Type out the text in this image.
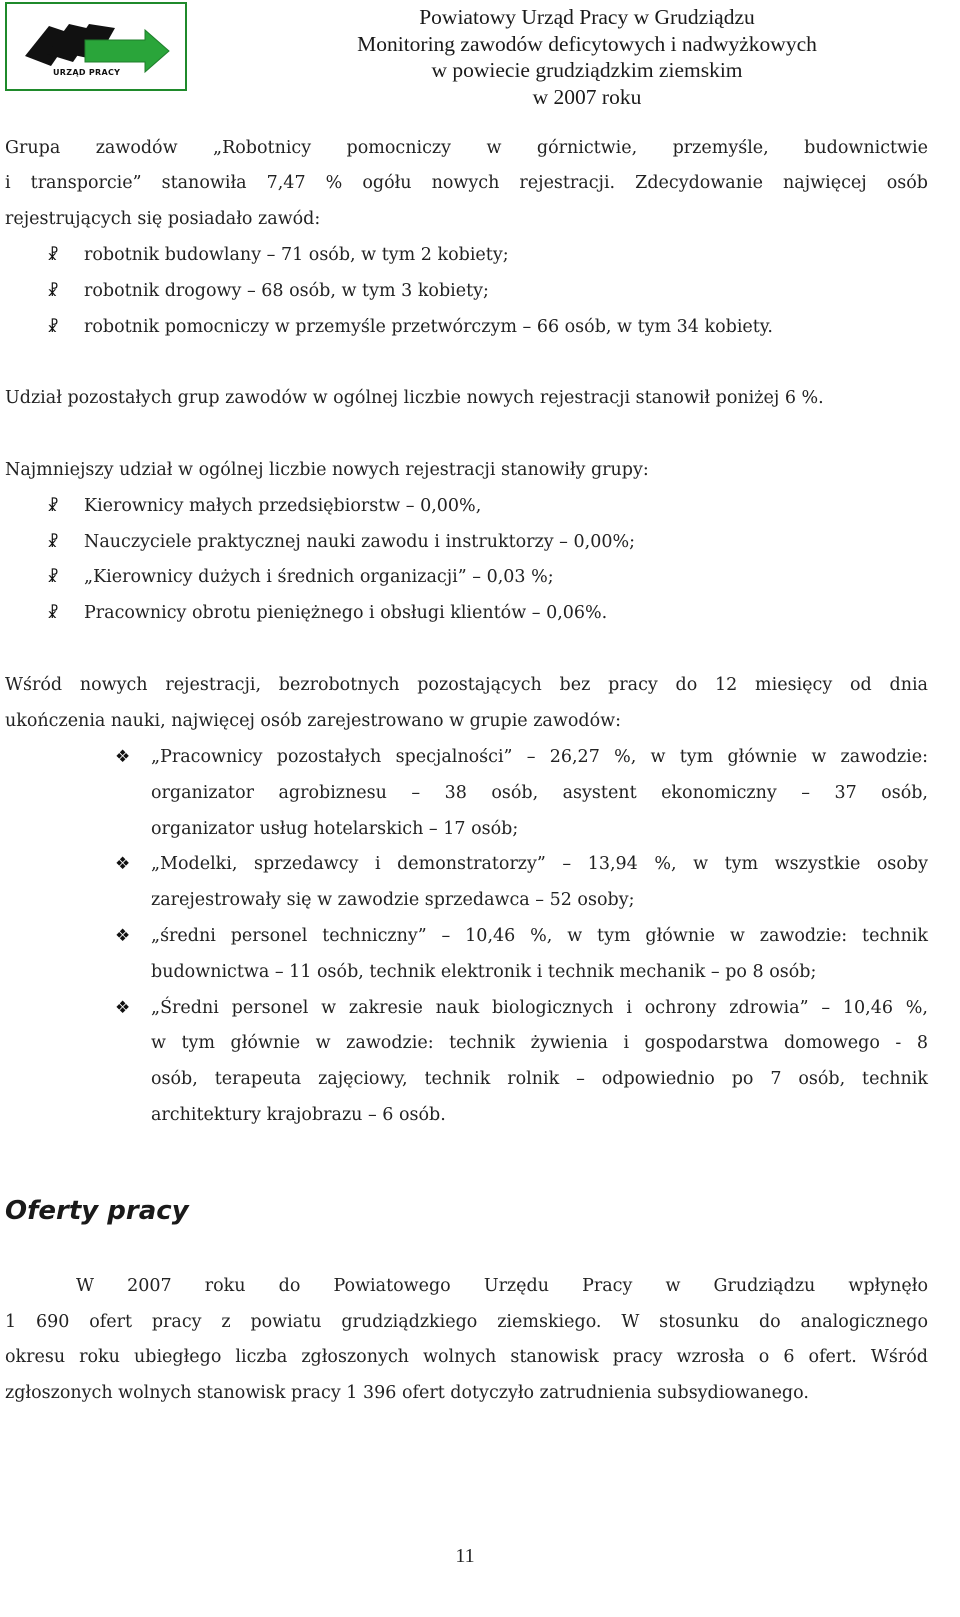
URZĄD PRACY
Powiatowy Urząd Pracy w Grudziądzu
Monitoring zawodów deficytowych i nadwyżkowych
w powiecie grudziądzkim ziemskim
w 2007 roku
Grupa zawodów „Robotnicy pomocniczy w górnictwie, przemyśle, budownictwie
i transporcie” stanowiła 7,47 % ogółu nowych rejestracji. Zdecydowanie najwięcej osób
rejestrujących się posiadało zawód:
☧ robotnik budowlany – 71 osób, w tym 2 kobiety;
☧ robotnik drogowy – 68 osób, w tym 3 kobiety;
☧ robotnik pomocniczy w przemyśle przetwórczym – 66 osób, w tym 34 kobiety.
Udział pozostałych grup zawodów w ogólnej liczbie nowych rejestracji stanowił poniżej 6 %.
Najmniejszy udział w ogólnej liczbie nowych rejestracji stanowiły grupy:
☧ Kierownicy małych przedsiębiorstw – 0,00%,
☧ Nauczyciele praktycznej nauki zawodu i instruktorzy – 0,00%;
☧ „Kierownicy dużych i średnich organizacji” – 0,03 %;
☧ Pracownicy obrotu pieniężnego i obsługi klientów – 0,06%.
Wśród nowych rejestracji, bezrobotnych pozostających bez pracy do 12 miesięcy od dnia
ukończenia nauki, najwięcej osób zarejestrowano w grupie zawodów:
❖ „Pracownicy pozostałych specjalności” – 26,27 %, w tym głównie w zawodzie:
organizator agrobiznesu – 38 osób, asystent ekonomiczny – 37 osób,
organizator usług hotelarskich – 17 osób;
❖ „Modelki, sprzedawcy i demonstratorzy” – 13,94 %, w tym wszystkie osoby
zarejestrowały się w zawodzie sprzedawca – 52 osoby;
❖ „średni personel techniczny” – 10,46 %, w tym głównie w zawodzie: technik
budownictwa – 11 osób, technik elektronik i technik mechanik – po 8 osób;
❖ „Średni personel w zakresie nauk biologicznych i ochrony zdrowia” – 10,46 %,
w tym głównie w zawodzie: technik żywienia i gospodarstwa domowego - 8
osób, terapeuta zajęciowy, technik rolnik – odpowiednio po 7 osób, technik
architektury krajobrazu – 6 osób.
Oferty pracy
W 2007 roku do Powiatowego Urzędu Pracy w Grudziądzu wpłynęło
1 690 ofert pracy z powiatu grudziądzkiego ziemskiego. W stosunku do analogicznego
okresu roku ubiegłego liczba zgłoszonych wolnych stanowisk pracy wzrosła o 6 ofert. Wśród
zgłoszonych wolnych stanowisk pracy 1 396 ofert dotyczyło zatrudnienia subsydiowanego.
11
